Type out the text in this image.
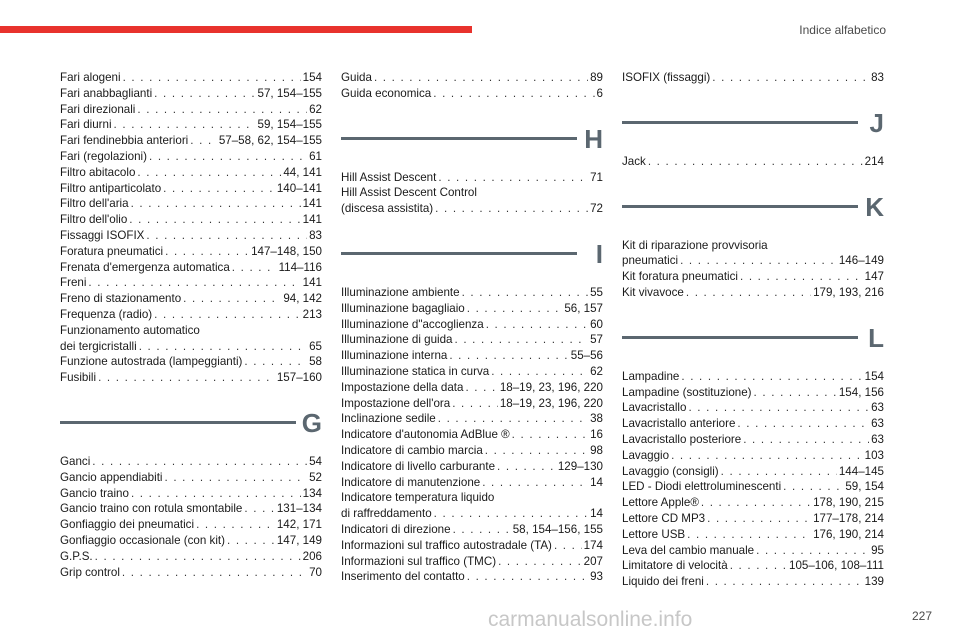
Indice alfabetico
Fari alogeni . . .	154
Fari anabbaglianti . . .	57, 154–155
Fari direzionali . . .	62
Fari diurni . . .	59, 154–155
Fari fendinebbia anteriori . . .	57–58, 62, 154–155
Fari (regolazioni) . . .	61
Filtro abitacolo . . .	44, 141
Filtro antiparticolato . . .	140–141
Filtro dell'aria . . .	141
Filtro dell'olio . . .	141
Fissaggi ISOFIX . . .	83
Foratura pneumatici . . .	147–148, 150
Frenata d'emergenza automatica . . .	114–116
Freni . . .	141
Freno di stazionamento . . .	94, 142
Frequenza (radio) . . .	213
Funzionamento automatico
dei tergicristalli . . .	65
Funzione autostrada (lampeggianti) . . .	58
Fusibili . . .	157–160
G
Ganci . . .	54
Gancio appendiabiti . . .	52
Gancio traino . . .	134
Gancio traino con rotula smontabile . . .	131–134
Gonfiaggio dei pneumatici . . .	142, 171
Gonfiaggio occasionale (con kit) . . .	147, 149
G.P.S. . . .	206
Grip control . . .	70
Guida . . .	89
Guida economica . . .	6
H
Hill Assist Descent . . .	71
Hill Assist Descent Control
(discesa assistita) . . .	72
I
Illuminazione ambiente . . .	55
Illuminazione bagagliaio . . .	56, 157
Illuminazione d"accoglienza . . .	60
Illuminazione di guida . . .	57
Illuminazione interna . . .	55–56
Illuminazione statica in curva . . .	62
Impostazione della data . . .	18–19, 23, 196, 220
Impostazione dell'ora . . .	18–19, 23, 196, 220
Inclinazione sedile . . .	38
Indicatore d'autonomia AdBlue ® . . .	16
Indicatore di cambio marcia . . .	98
Indicatore di livello carburante . . .	129–130
Indicatore di manutenzione . . .	14
Indicatore temperatura liquido
di raffreddamento . . .	14
Indicatori di direzione . . .	58, 154–156, 155
Informazioni sul traffico autostradale (TA) . . .	174
Informazioni sul traffico (TMC) . . .	207
Inserimento del contatto . . .	93
ISOFIX (fissaggi) . . .	83
J
Jack . . .	214
K
Kit di riparazione provvisoria
pneumatici . . .	146–149
Kit foratura pneumatici . . .	147
Kit vivavoce . . .	179, 193, 216
L
Lampadine . . .	154
Lampadine (sostituzione) . . .	154, 156
Lavacristallo . . .	63
Lavacristallo anteriore . . .	63
Lavacristallo posteriore . . .	63
Lavaggio . . .	103
Lavaggio (consigli) . . .	144–145
LED - Diodi elettroluminescenti . . .	59, 154
Lettore Apple® . . .	178, 190, 215
Lettore CD MP3 . . .	177–178, 214
Lettore USB . . .	176, 190, 214
Leva del cambio manuale . . .	95
Limitatore di velocità . . .	105–106, 108–111
Liquido dei freni . . .	139
carmanualsonline.info	227
